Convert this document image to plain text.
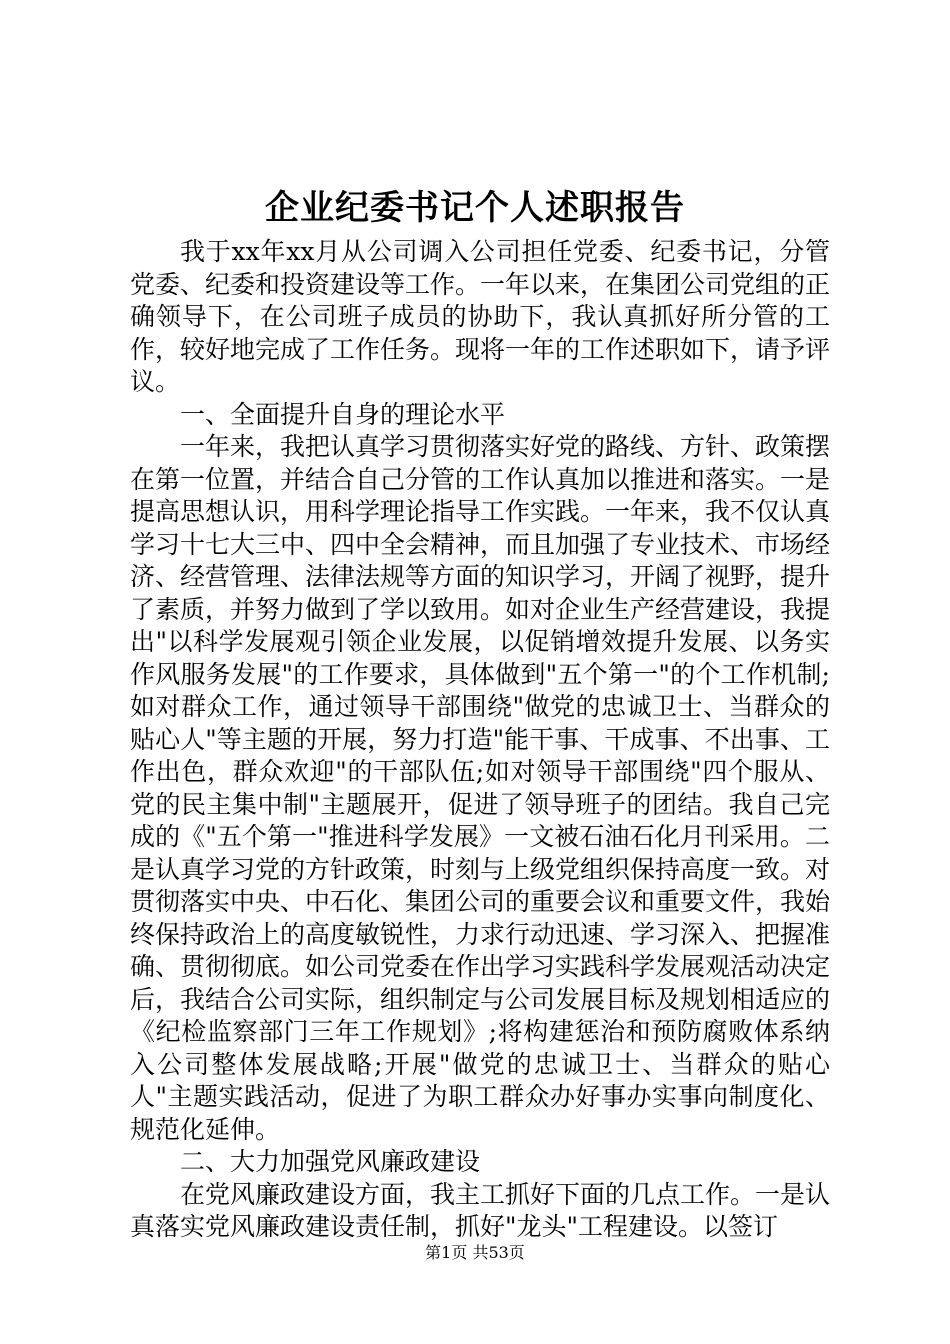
企业纪委书记个人述职报告

我于xx年xx月从公司调入公司担任党委、纪委书记，分管党委、纪委和投资建设等工作。一年以来，在集团公司党组的正确领导下，在公司班子成员的协助下，我认真抓好所分管的工作，较好地完成了工作任务。现将一年的工作述职如下，请予评议。

一、全面提升自身的理论水平

一年来，我把认真学习贯彻落实好党的路线、方针、政策摆在第一位置，并结合自己分管的工作认真加以推进和落实。一是提高思想认识，用科学理论指导工作实践。一年来，我不仅认真学习十七大三中、四中全会精神，而且加强了专业技术、市场经济、经营管理、法律法规等方面的知识学习，开阔了视野，提升了素质，并努力做到了学以致用。如对企业生产经营建设，我提出"以科学发展观引领企业发展，以促销增效提升发展、以务实作风服务发展"的工作要求，具体做到"五个第一"的个工作机制;如对群众工作，通过领导干部围绕"做党的忠诚卫士、当群众的贴心人"等主题的开展，努力打造"能干事、干成事、不出事、工作出色，群众欢迎"的干部队伍;如对领导干部围绕"四个服从、党的民主集中制"主题展开，促进了领导班子的团结。我自己完成的《"五个第一"推进科学发展》一文被石油石化月刊采用。二是认真学习党的方针政策，时刻与上级党组织保持高度一致。对贯彻落实中央、中石化、集团公司的重要会议和重要文件，我始终保持政治上的高度敏锐性，力求行动迅速、学习深入、把握准确、贯彻彻底。如公司党委在作出学习实践科学发展观活动决定后，我结合公司实际，组织制定与公司发展目标及规划相适应的《纪检监察部门三年工作规划》;将构建惩治和预防腐败体系纳入公司整体发展战略;开展"做党的忠诚卫士、当群众的贴心人"主题实践活动，促进了为职工群众办好事办实事向制度化、规范化延伸。

二、大力加强党风廉政建设

在党风廉政建设方面，我主工抓好下面的几点工作。一是认真落实党风廉政建设责任制，抓好"龙头"工程建设。以签订

第1页 共53页
